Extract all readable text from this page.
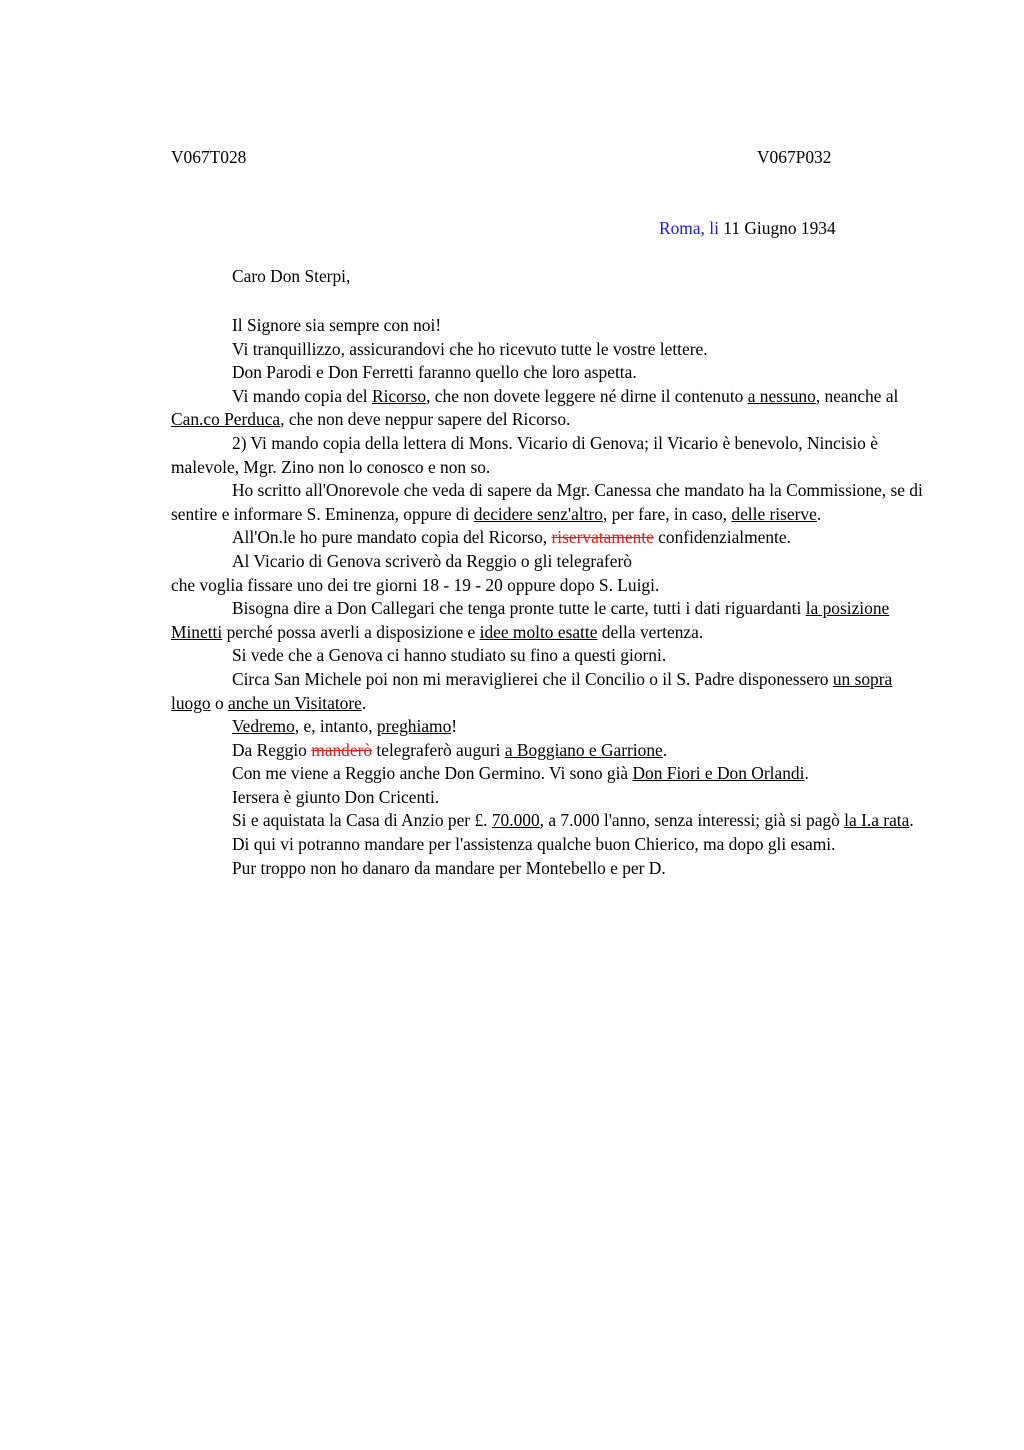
V067T028	V067P032
Roma, li 11 Giugno 1934
Caro Don Sterpi,

Il Signore sia sempre con noi!

Vi tranquillizzo, assicurandovi che ho ricevuto tutte le vostre lettere.

Don Parodi e Don Ferretti faranno quello che loro aspetta.

Vi mando copia del Ricorso, che non dovete leggere né dirne il contenuto a nessuno, neanche al Can.co Perduca, che non deve neppur sapere del Ricorso.

2) Vi mando copia della lettera di Mons. Vicario di Genova; il Vicario è benevolo, Nincisio è malevole, Mgr. Zino non lo conosco e non so.

Ho scritto all'Onorevole che veda di sapere da Mgr. Canessa che mandato ha la Commissione, se di sentire e informare S. Eminenza, oppure di decidere senz'altro, per fare, in caso, delle riserve.

All'On.le ho pure mandato copia del Ricorso, riservatamente confidenzialmente.

Al Vicario di Genova scriverò da Reggio o gli telegraferò

che voglia fissare uno dei tre giorni 18 - 19 - 20 oppure dopo S. Luigi.

Bisogna dire a Don Callegari che tenga pronte tutte le carte, tutti i dati riguardanti la posizione Minetti perché possa averli a disposizione e idee molto esatte della vertenza.

Si vede che a Genova ci hanno studiato su fino a questi giorni.

Circa San Michele poi non mi meraviglierei che il Concilio o il S. Padre disponessero un sopra luogo o anche un Visitatore.

Vedremo, e, intanto, preghiamo!

Da Reggio manderò telegraferò auguri a Boggiano e Garrione.

Con me viene a Reggio anche Don Germino. Vi sono già Don Fiori e Don Orlandi.

Iersera è giunto Don Cricenti.

Si e aquistata la Casa di Anzio per £. 70.000, a 7.000 l'anno, senza interessi; già si pagò la I.a rata.

Di qui vi potranno mandare per l'assistenza qualche buon Chierico, ma dopo gli esami.

Pur troppo non ho danaro da mandare per Montebello e per D.
